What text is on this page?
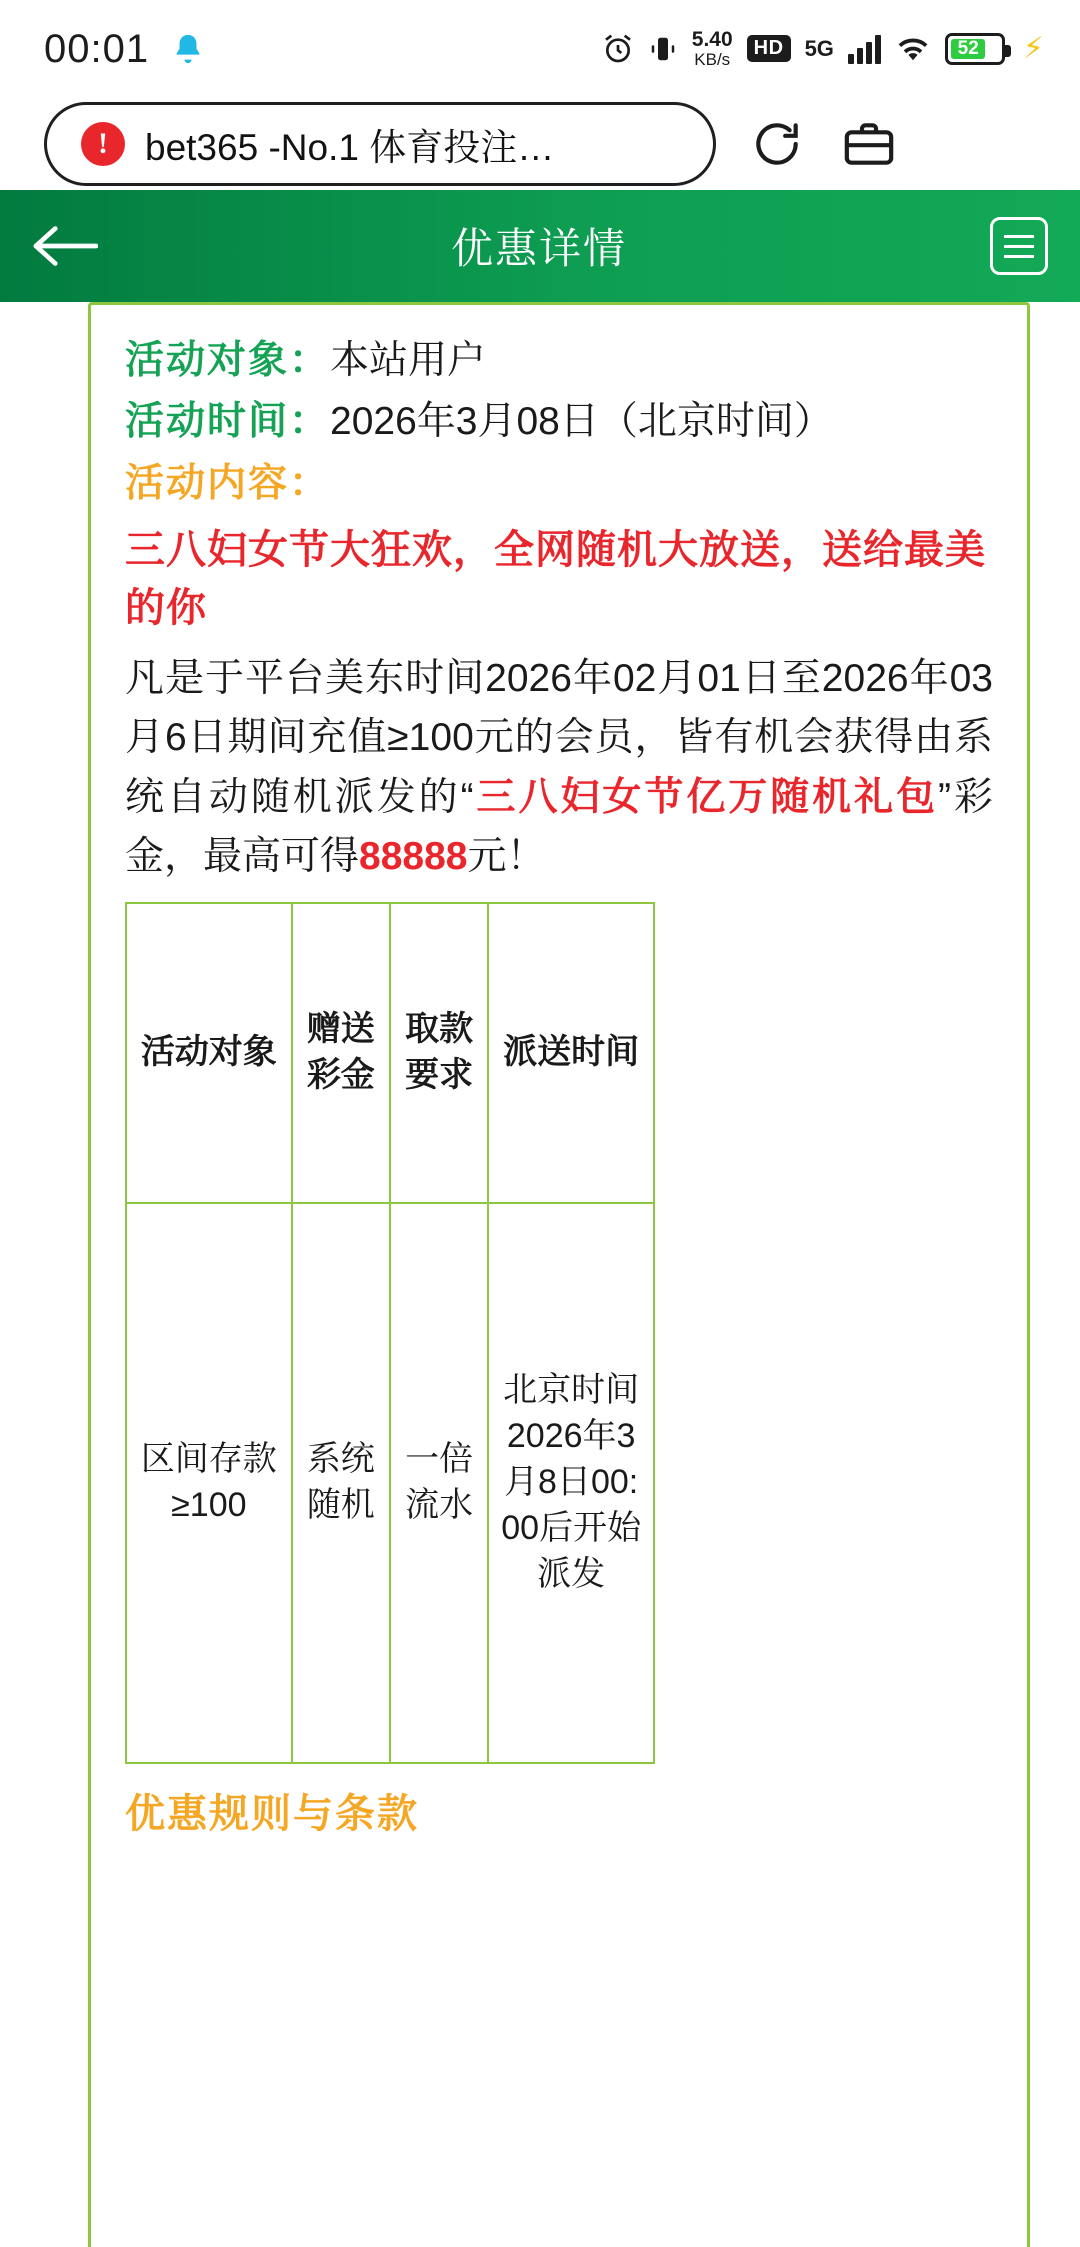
00:01	5.40
KB/s
HD 5G	52 ⚡
!	bet365 -No.1 体育投注…
优惠详情
活动对象：本站用户
活动时间：2026年3月08日（北京时间）
活动内容：
三八妇女节大狂欢，全网随机大放送，送给最美的你
凡是于平台美东时间2026年02月01日至2026年03月6日期间充值≥100元的会员，皆有机会获得由系统自动随机派发的“三八妇女节亿万随机礼包”彩金，最高可得88888元！
活动对象	赠送彩金	取款要求	派送时间
区间存款≥100	系统随机	一倍流水	北京时间2026年3月8日00:00后开始派发
优惠规则与条款
